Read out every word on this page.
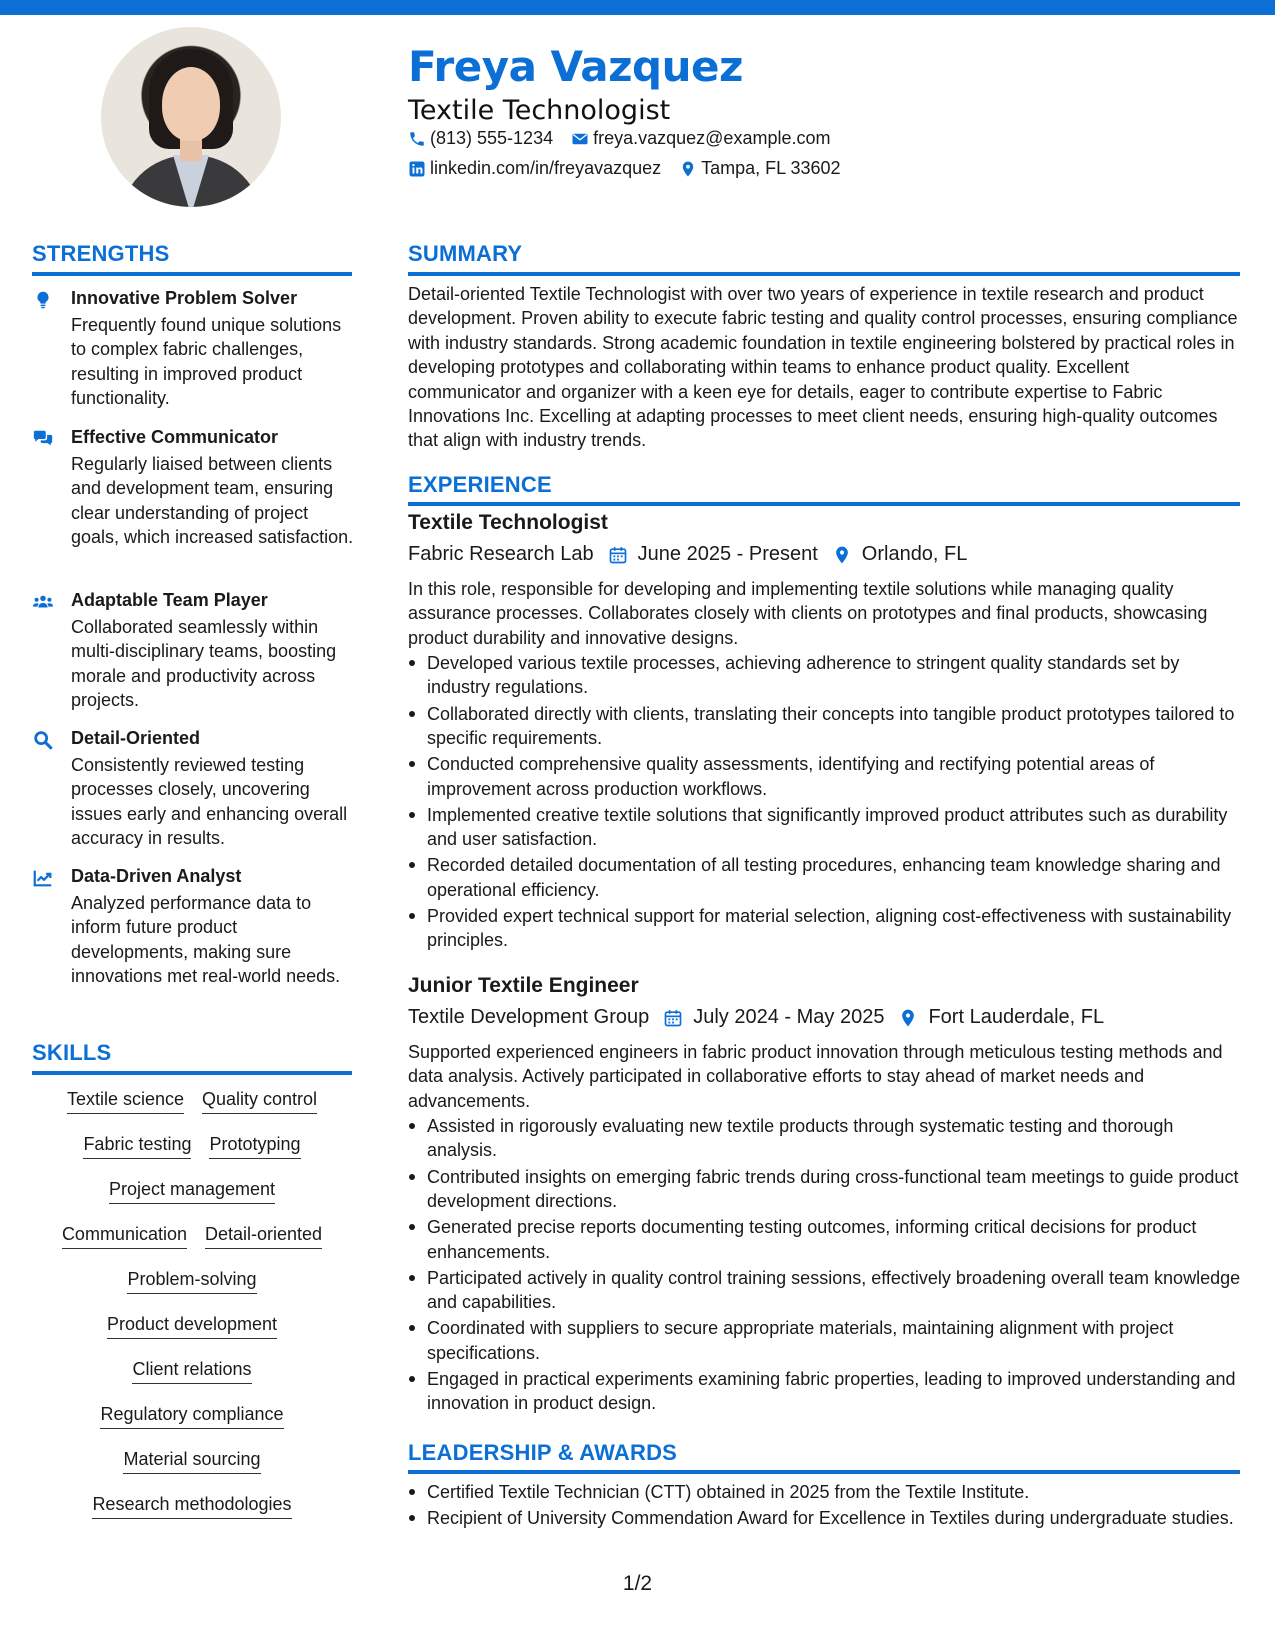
Freya Vazquez
Textile Technologist
(813) 555-1234 freya.vazquez@example.com
linkedin.com/in/freyavazquez Tampa, FL 33602
STRENGTHS
Innovative Problem Solver
Frequently found unique solutions to complex fabric challenges, resulting in improved product functionality.
Effective Communicator
Regularly liaised between clients and development team, ensuring clear understanding of project goals, which increased satisfaction.
Adaptable Team Player
Collaborated seamlessly within multi-disciplinary teams, boosting morale and productivity across projects.
Detail-Oriented
Consistently reviewed testing processes closely, uncovering issues early and enhancing overall accuracy in results.
Data-Driven Analyst
Analyzed performance data to inform future product developments, making sure innovations met real-world needs.
SKILLS
Textile science Quality control
Fabric testing Prototyping
Project management
Communication Detail-oriented
Problem-solving
Product development
Client relations
Regulatory compliance
Material sourcing
Research methodologies
SUMMARY
Detail-oriented Textile Technologist with over two years of experience in textile research and product development. Proven ability to execute fabric testing and quality control processes, ensuring compliance with industry standards. Strong academic foundation in textile engineering bolstered by practical roles in developing prototypes and collaborating within teams to enhance product quality. Excellent communicator and organizer with a keen eye for details, eager to contribute expertise to Fabric Innovations Inc. Excelling at adapting processes to meet client needs, ensuring high-quality outcomes that align with industry trends.
EXPERIENCE
Textile Technologist
Fabric Research Lab June 2025 - Present Orlando, FL
In this role, responsible for developing and implementing textile solutions while managing quality assurance processes. Collaborates closely with clients on prototypes and final products, showcasing product durability and innovative designs.
Developed various textile processes, achieving adherence to stringent quality standards set by industry regulations.
Collaborated directly with clients, translating their concepts into tangible product prototypes tailored to specific requirements.
Conducted comprehensive quality assessments, identifying and rectifying potential areas of improvement across production workflows.
Implemented creative textile solutions that significantly improved product attributes such as durability and user satisfaction.
Recorded detailed documentation of all testing procedures, enhancing team knowledge sharing and operational efficiency.
Provided expert technical support for material selection, aligning cost-effectiveness with sustainability principles.
Junior Textile Engineer
Textile Development Group July 2024 - May 2025 Fort Lauderdale, FL
Supported experienced engineers in fabric product innovation through meticulous testing methods and data analysis. Actively participated in collaborative efforts to stay ahead of market needs and advancements.
Assisted in rigorously evaluating new textile products through systematic testing and thorough analysis.
Contributed insights on emerging fabric trends during cross-functional team meetings to guide product development directions.
Generated precise reports documenting testing outcomes, informing critical decisions for product enhancements.
Participated actively in quality control training sessions, effectively broadening overall team knowledge and capabilities.
Coordinated with suppliers to secure appropriate materials, maintaining alignment with project specifications.
Engaged in practical experiments examining fabric properties, leading to improved understanding and innovation in product design.
LEADERSHIP & AWARDS
Certified Textile Technician (CTT) obtained in 2025 from the Textile Institute.
Recipient of University Commendation Award for Excellence in Textiles during undergraduate studies.
1/2
